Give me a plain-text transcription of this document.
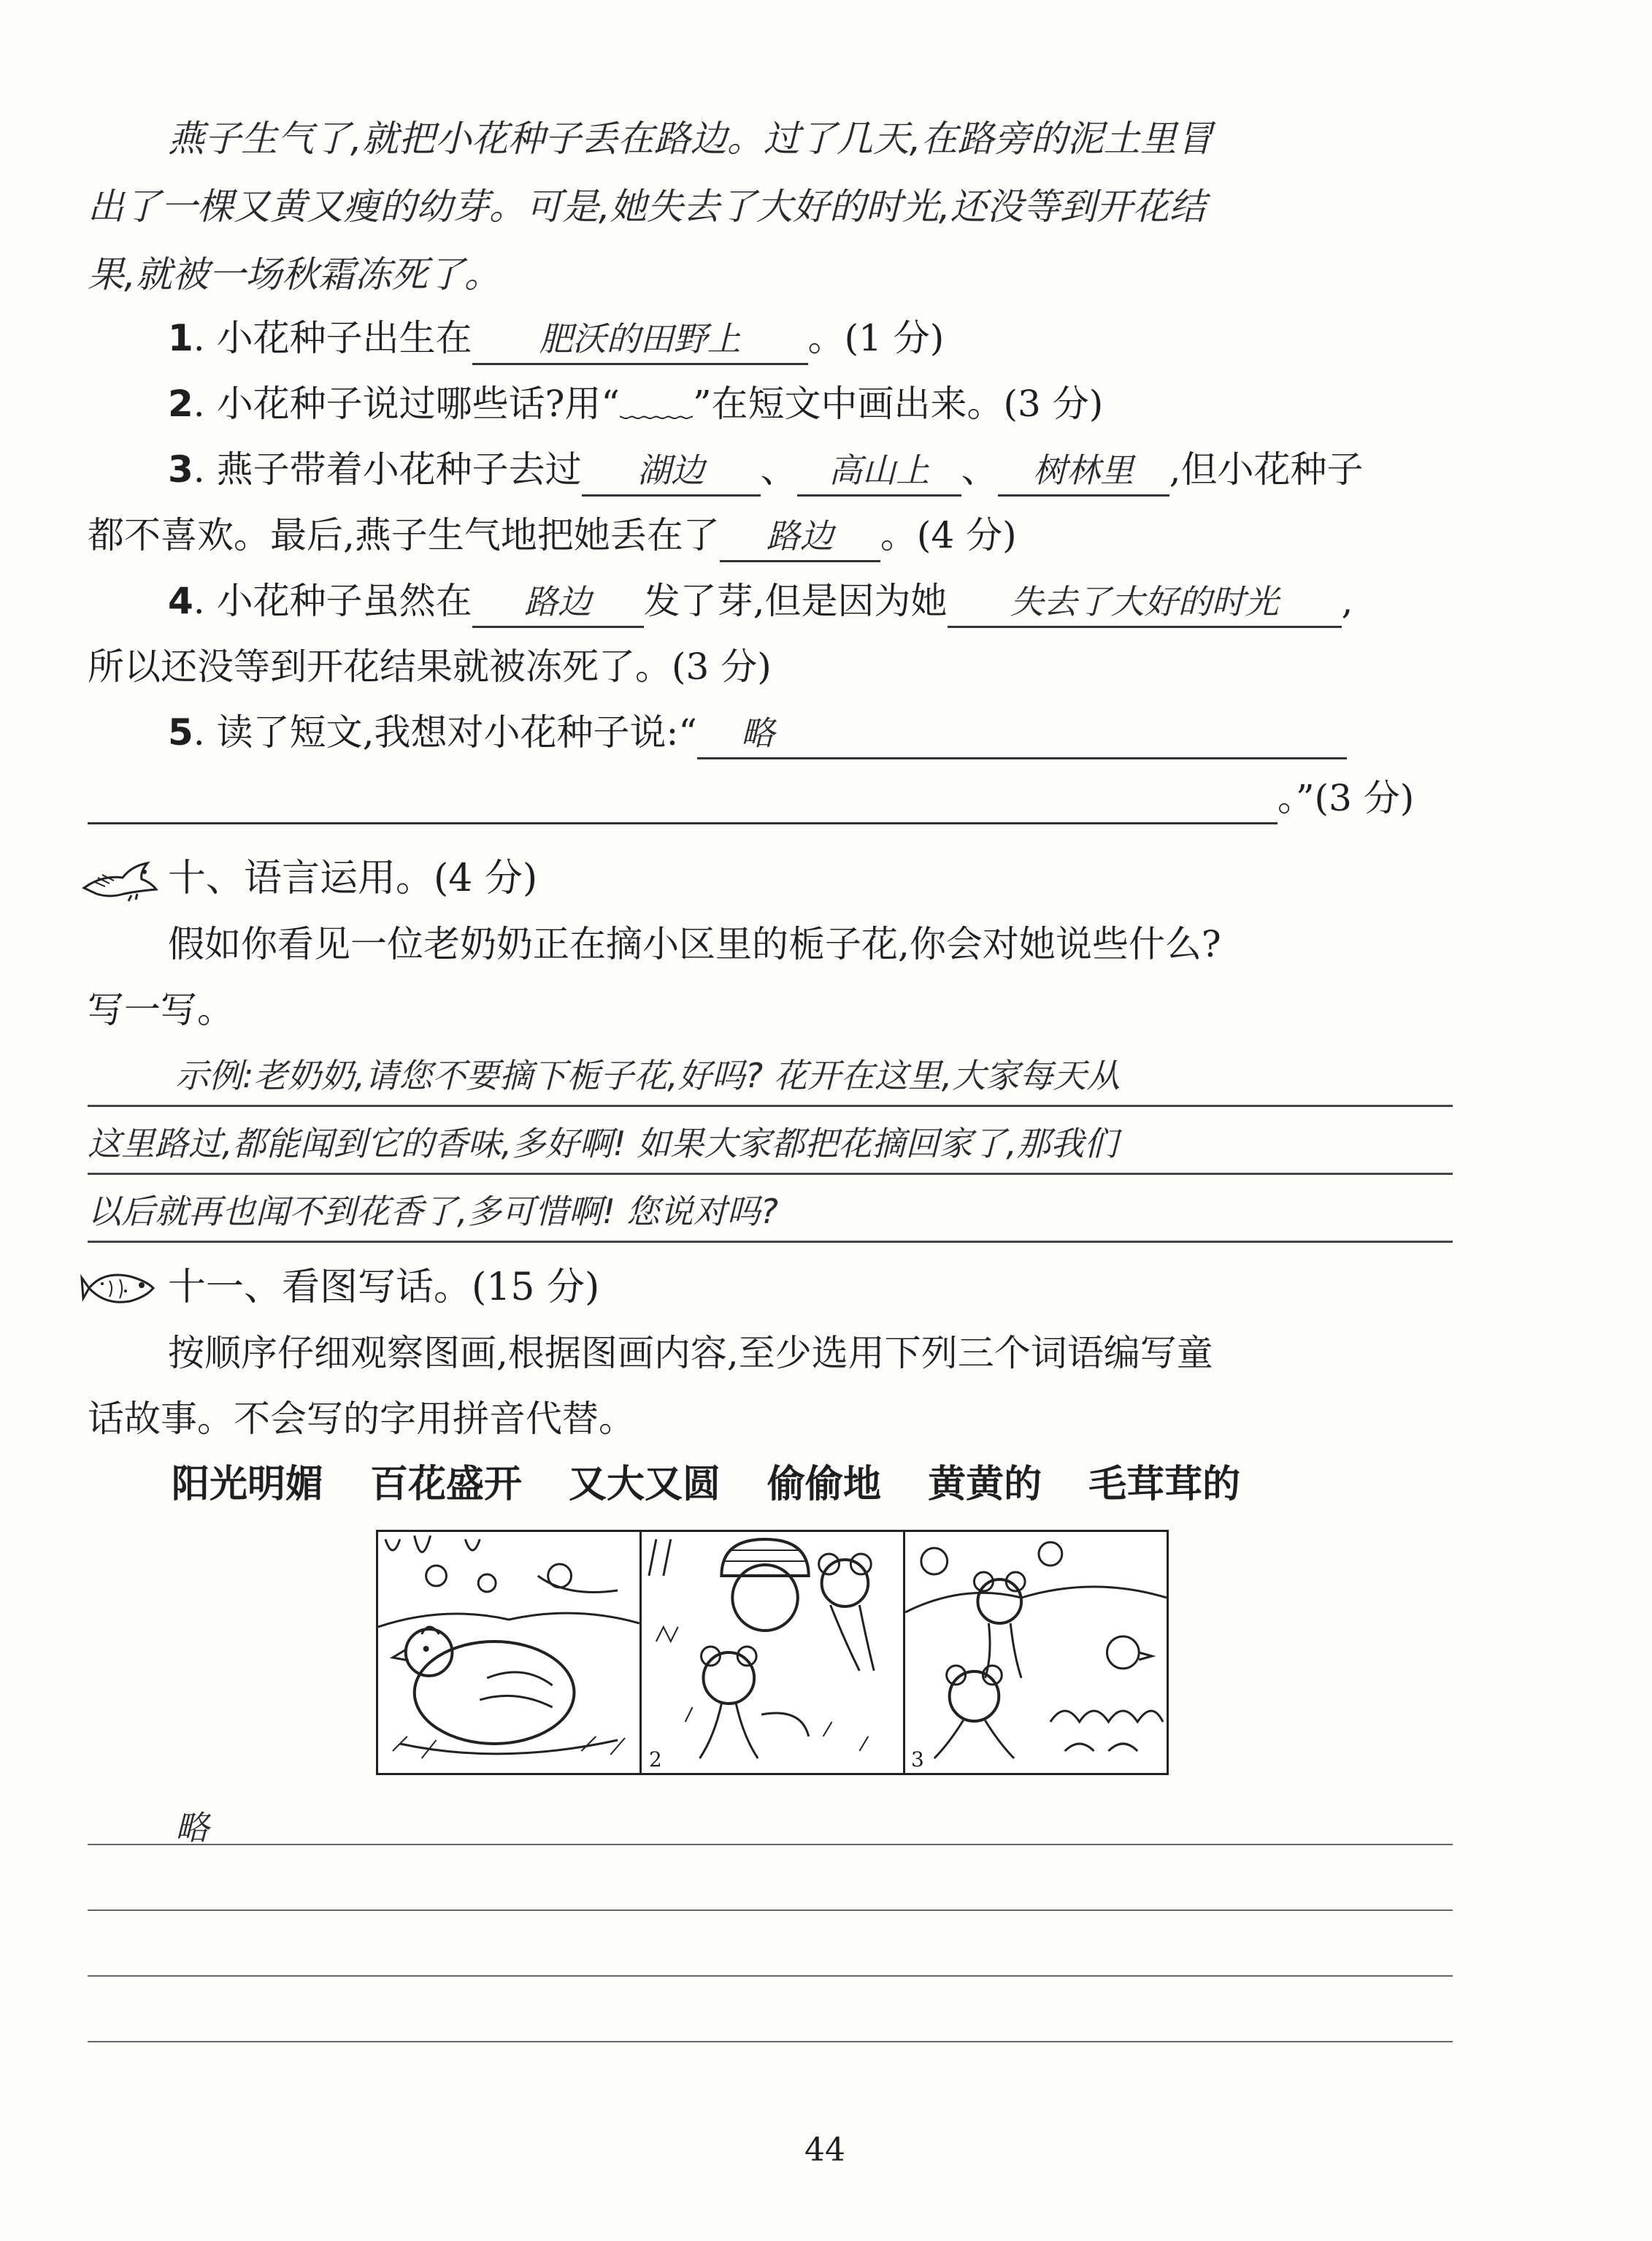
燕子生气了,就把小花种子丢在路边。过了几天,在路旁的泥土里冒
出了一棵又黄又瘦的幼芽。可是,她失去了大好的时光,还没等到开花结
果,就被一场秋霜冻死了。
1. 小花种子出生在 肥沃的田野上 。(1 分)
2. 小花种子说过哪些话?用“﹏﹏”在短文中画出来。(3 分)
3. 燕子带着小花种子去过 湖边 、 高山上 、 树林里 ,但小花种子
都不喜欢。最后,燕子生气地把她丢在了 路边 。(4 分)
4. 小花种子虽然在 路边 发了芽,但是因为她 失去了大好的时光 ,
所以还没等到开花结果就被冻死了。(3 分)
5. 读了短文,我想对小花种子说:“ 略
。”(3 分)
十、语言运用。(4 分)
假如你看见一位老奶奶正在摘小区里的栀子花,你会对她说些什么?
写一写。
示例:老奶奶,请您不要摘下栀子花,好吗? 花开在这里,大家每天从
这里路过,都能闻到它的香味,多好啊! 如果大家都把花摘回家了,那我们
以后就再也闻不到花香了,多可惜啊! 您说对吗?
十一、看图写话。(15 分)
按顺序仔细观察图画,根据图画内容,至少选用下列三个词语编写童
话故事。不会写的字用拼音代替。
阳光明媚 百花盛开 又大又圆 偷偷地 黄黄的 毛茸茸的
2	3
略
44
